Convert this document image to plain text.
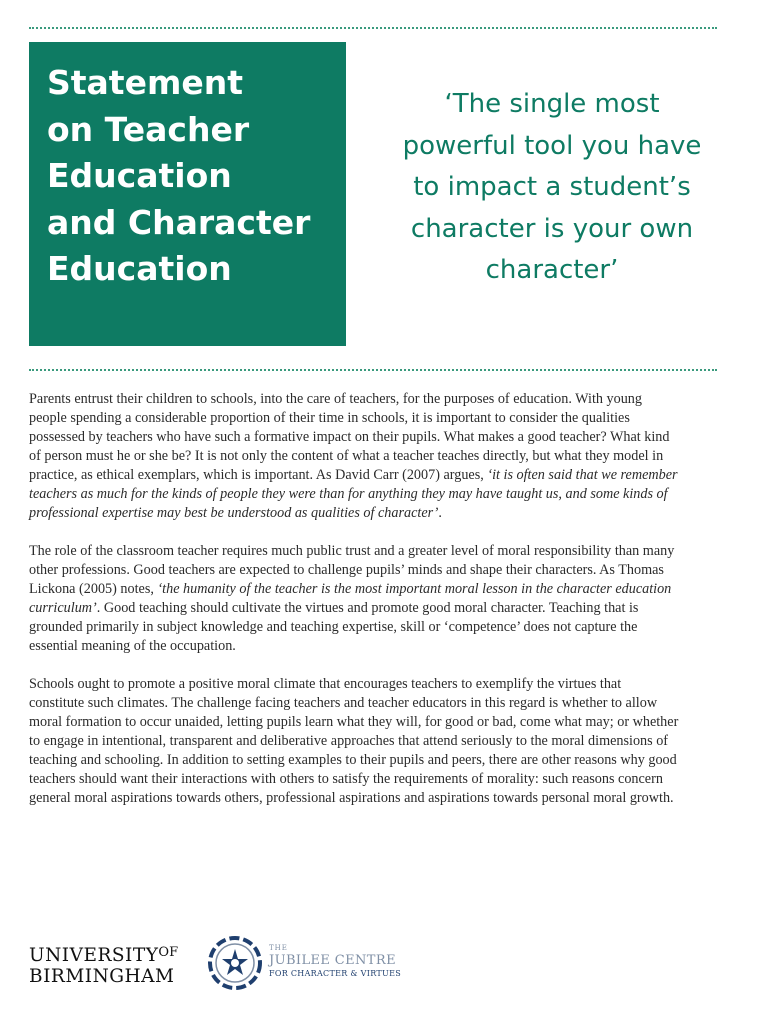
Statement
on Teacher
Education
and Character
Education
‘The single most
powerful tool you have
to impact a student’s
character is your own
character’

Parents entrust their children to schools, into the care of teachers, for the purposes of education. With young people spending a considerable proportion of their time in schools, it is important to consider the qualities possessed by teachers who have such a formative impact on their pupils. What makes a good teacher? What kind of person must he or she be? It is not only the content of what a teacher teaches directly, but what they model in practice, as ethical exemplars, which is important. As David Carr (2007) argues, ‘it is often said that we remember teachers as much for the kinds of people they were than for anything they may have taught us, and some kinds of professional expertise may best be understood as qualities of character’.

The role of the classroom teacher requires much public trust and a greater level of moral responsibility than many other professions. Good teachers are expected to challenge pupils’ minds and shape their characters. As Thomas Lickona (2005) notes, ‘the humanity of the teacher is the most important moral lesson in the character education curriculum’. Good teaching should cultivate the virtues and promote good moral character. Teaching that is grounded primarily in subject knowledge and teaching expertise, skill or ‘competence’ does not capture the essential meaning of the occupation.

Schools ought to promote a positive moral climate that encourages teachers to exemplify the virtues that constitute such climates. The challenge facing teachers and teacher educators in this regard is whether to allow moral formation to occur unaided, letting pupils learn what they will, for good or bad, come what may; or whether to engage in intentional, transparent and deliberative approaches that attend seriously to the moral dimensions of teaching and schooling. In addition to setting examples to their pupils and peers, there are other reasons why good teachers should want their interactions with others to satisfy the requirements of morality: such reasons concern general moral aspirations towards others, professional aspirations and aspirations towards personal moral growth.

$UNIVERSITY^{OF}$
BIRMINGHAM
THE
JUBILEE CENTRE
FOR CHARACTER & VIRTUES
